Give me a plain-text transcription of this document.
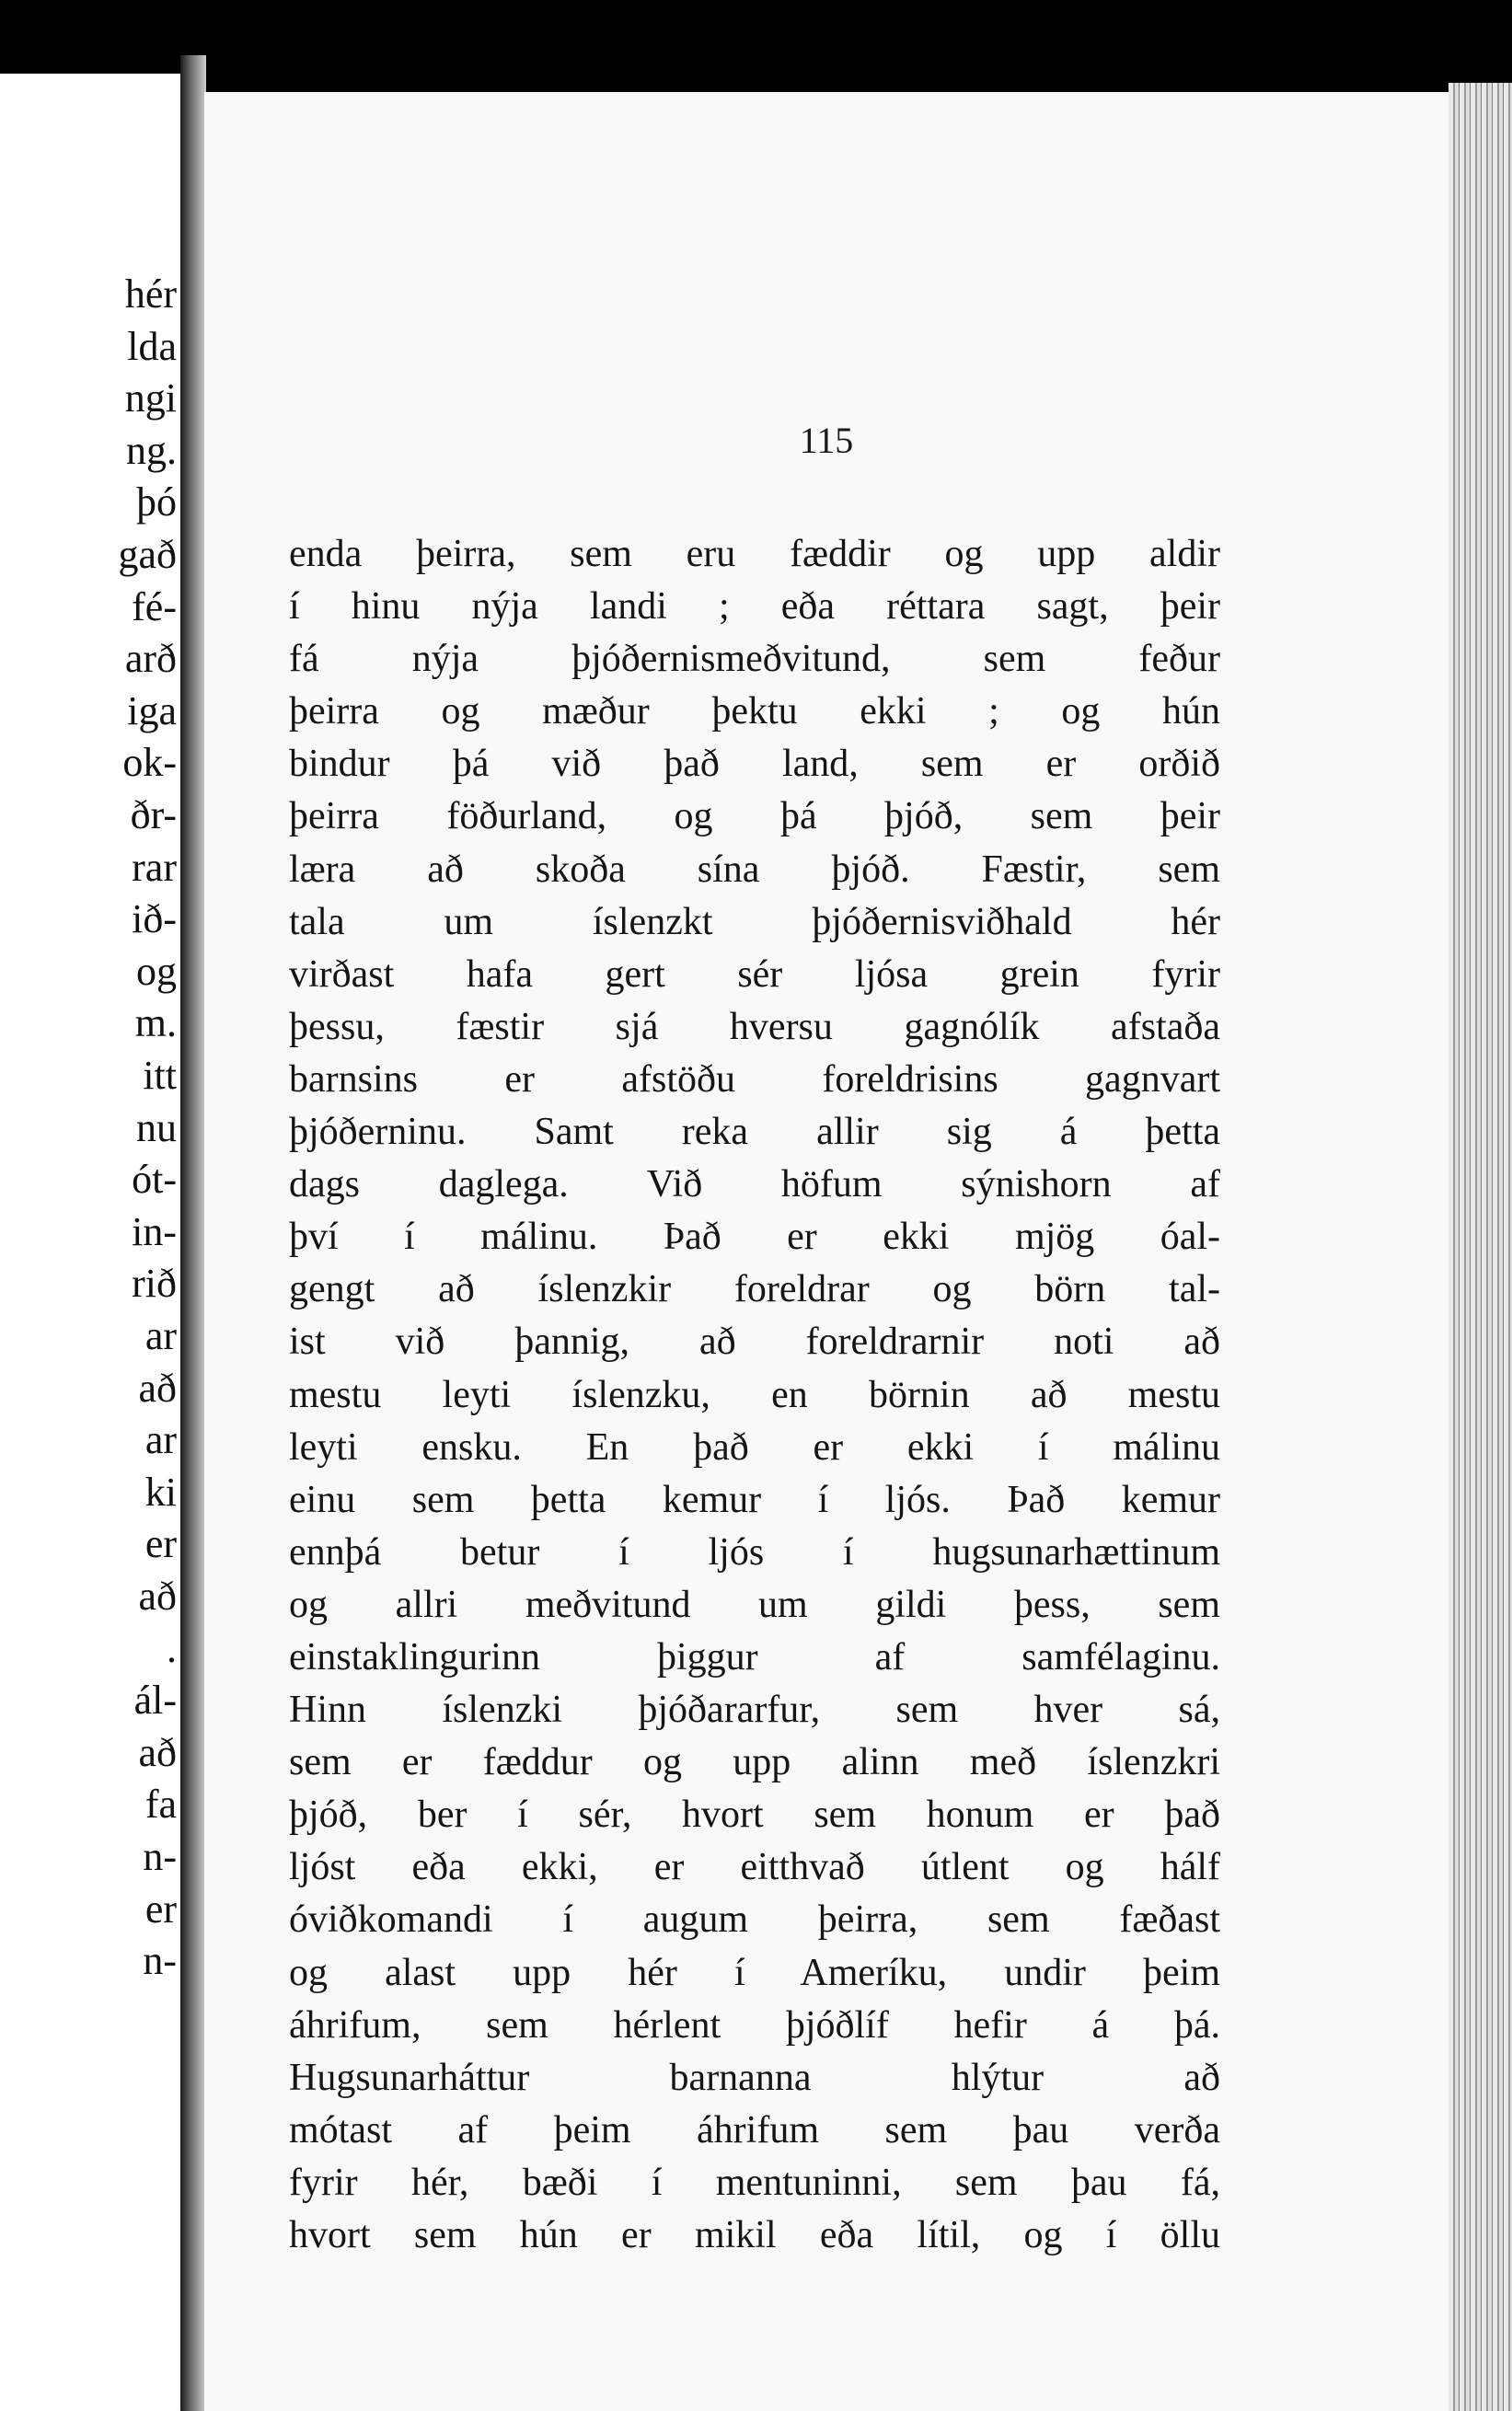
hér
lda
ngi
ng.
þó
gað
fé-
arð
iga
ok-
ðr-
rar
ið-
og
m.
itt
nu
ót-
in-
rið
ar
að
ar
ki
er
að
.
ál-
að
fa
n-
er
n-
115
enda þeirra, sem eru fæddir og upp aldir
í hinu nýja landi ; eða réttara sagt, þeir
fá nýja þjóðernismeðvitund, sem feður
þeirra og mæður þektu ekki ; og hún
bindur þá við það land, sem er orðið
þeirra föðurland, og þá þjóð, sem þeir
læra að skoða sína þjóð. Fæstir, sem
tala um íslenzkt þjóðernisviðhald hér
virðast hafa gert sér ljósa grein fyrir
þessu, fæstir sjá hversu gagnólík afstaða
barnsins er afstöðu foreldrisins gagnvart
þjóðerninu. Samt reka allir sig á þetta
dags daglega. Við höfum sýnishorn af
því í málinu. Það er ekki mjög óal-
gengt að íslenzkir foreldrar og börn tal-
ist við þannig, að foreldrarnir noti að
mestu leyti íslenzku, en börnin að mestu
leyti ensku. En það er ekki í málinu
einu sem þetta kemur í ljós. Það kemur
ennþá betur í ljós í hugsunarhættinum
og allri meðvitund um gildi þess, sem
einstaklingurinn þiggur af samfélaginu.
Hinn íslenzki þjóðararfur, sem hver sá,
sem er fæddur og upp alinn með íslenzkri
þjóð, ber í sér, hvort sem honum er það
ljóst eða ekki, er eitthvað útlent og hálf
óviðkomandi í augum þeirra, sem fæðast
og alast upp hér í Ameríku, undir þeim
áhrifum, sem hérlent þjóðlíf hefir á þá.
Hugsunarháttur barnanna hlýtur að
mótast af þeim áhrifum sem þau verða
fyrir hér, bæði í mentuninni, sem þau fá,
hvort sem hún er mikil eða lítil, og í öllu
